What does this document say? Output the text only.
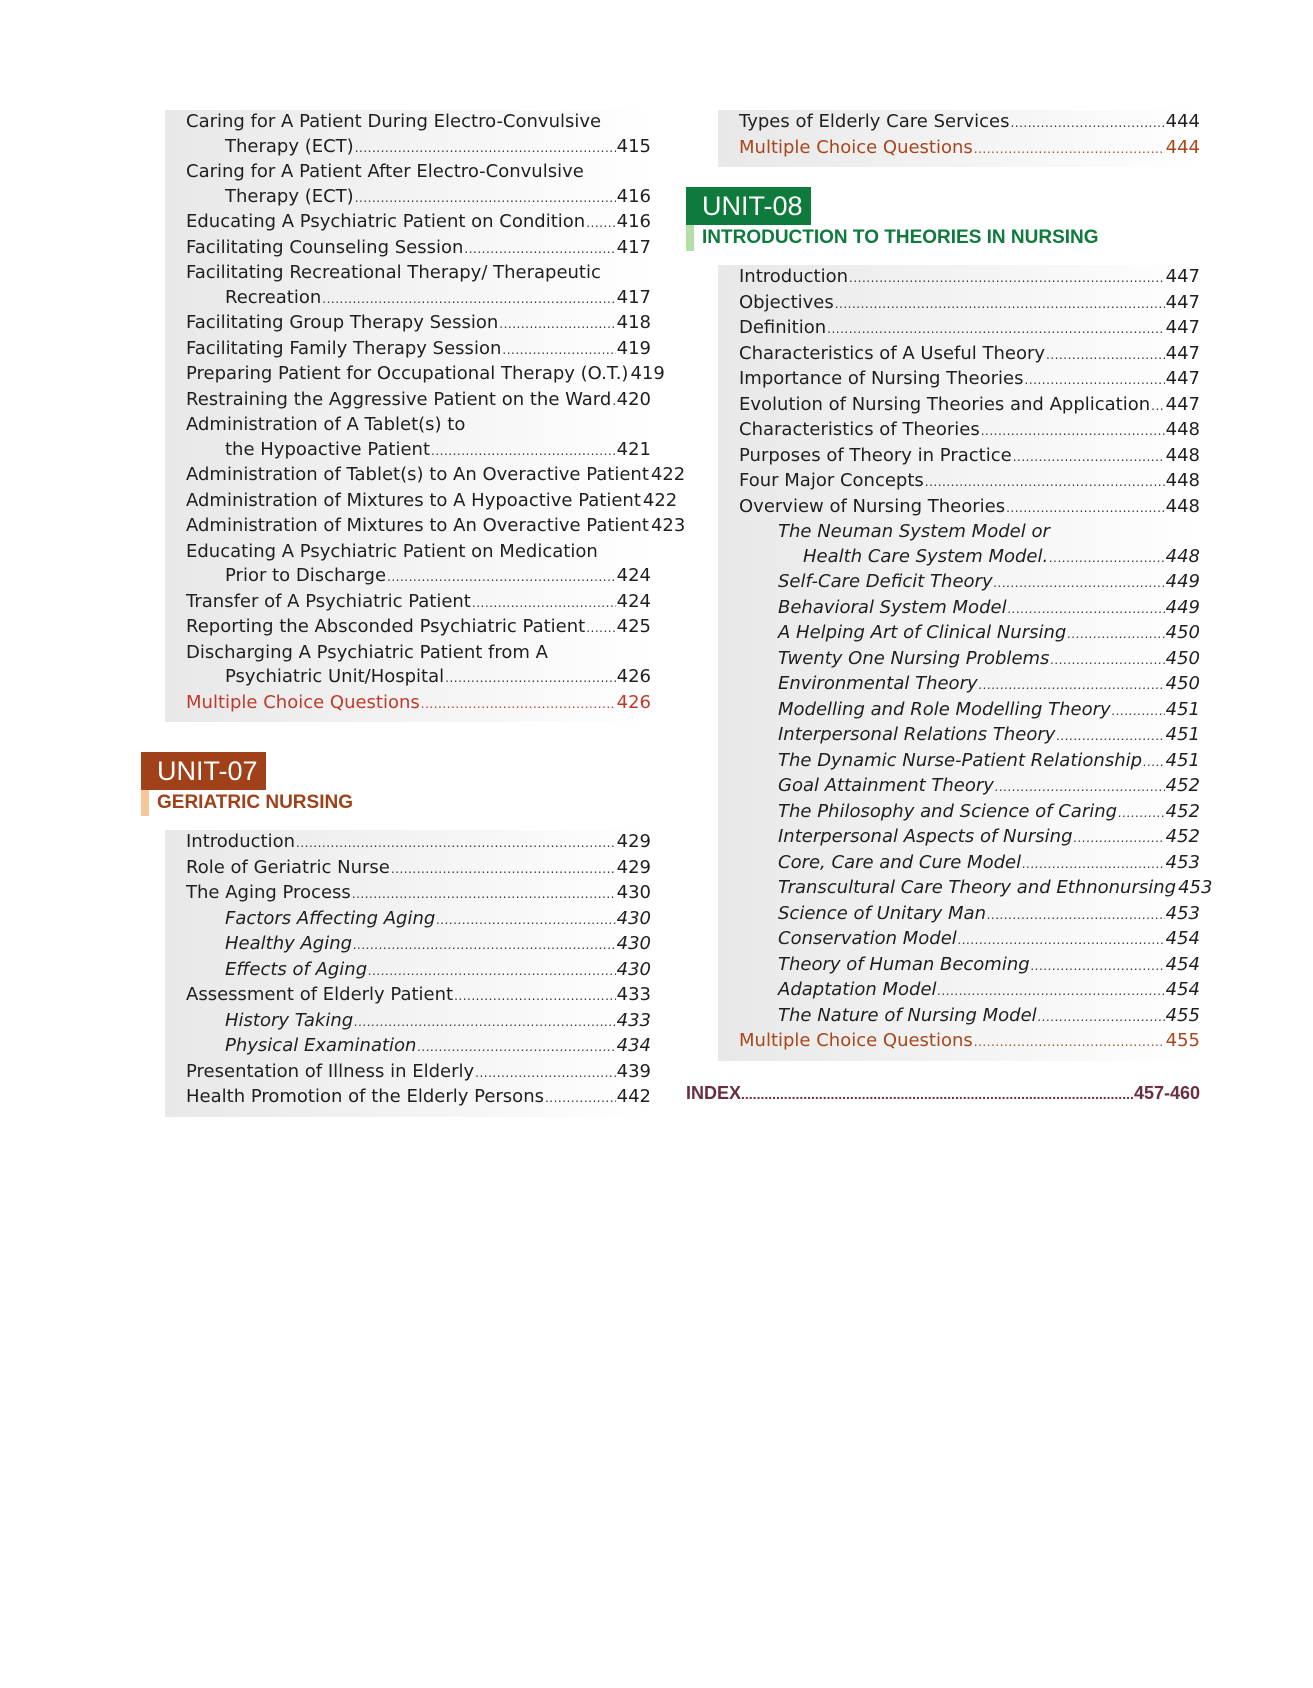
Caring for A Patient During Electro-Convulsive
Therapy (ECT) .....	415
Caring for A Patient After Electro-Convulsive
Therapy (ECT) .....	416
Educating A Psychiatric Patient on Condition ..... 416
Facilitating Counseling Session .....	417
Facilitating Recreational Therapy/ Therapeutic
Recreation .....	417
Facilitating Group Therapy Session .....	418
Facilitating Family Therapy Session .....	419
Preparing Patient for Occupational Therapy (O.T.) 419
Restraining the Aggressive Patient on the Ward ..... 420
Administration of A Tablet(s) to
the Hypoactive Patient .....	421
Administration of Tablet(s) to An Overactive Patient 422
Administration of Mixtures to A Hypoactive Patient 422
Administration of Mixtures to An Overactive Patient 423
Educating A Psychiatric Patient on Medication
Prior to Discharge .....	424
Transfer of A Psychiatric Patient .....	424
Reporting the Absconded Psychiatric Patient ..... 425
Discharging A Psychiatric Patient from A
Psychiatric Unit/Hospital .....	426
Multiple Choice Questions .....	426
UNIT-07
GERIATRIC NURSING
Introduction .....	429
Role of Geriatric Nurse .....	429
The Aging Process .....	430
Factors Affecting Aging .....	430
Healthy Aging .....	430
Effects of Aging .....	430
Assessment of Elderly Patient .....	433
History Taking .....	433
Physical Examination .....	434
Presentation of Illness in Elderly .....	439
Health Promotion of the Elderly Persons .....	442
Types of Elderly Care Services .....	444
Multiple Choice Questions .....	444
UNIT-08
INTRODUCTION TO THEORIES IN NURSING
Introduction .....	447
Objectives .....	447
Definition .....	447
Characteristics of A Useful Theory .....	447
Importance of Nursing Theories .....	447
Evolution of Nursing Theories and Application ..... 447
Characteristics of Theories .....	448
Purposes of Theory in Practice .....	448
Four Major Concepts .....	448
Overview of Nursing Theories .....	448
The Neuman System Model or
Health Care System Model. .....	448
Self-Care Deficit Theory .....	449
Behavioral System Model .....	449
A Helping Art of Clinical Nursing .....	450
Twenty One Nursing Problems .....	450
Environmental Theory .....	450
Modelling and Role Modelling Theory .....	451
Interpersonal Relations Theory .....	451
The Dynamic Nurse-Patient Relationship ..... 451
Goal Attainment Theory .....	452
The Philosophy and Science of Caring .....	452
Interpersonal Aspects of Nursing .....	452
Core, Care and Cure Model .....	453
Transcultural Care Theory and Ethnonursing 453
Science of Unitary Man .....	453
Conservation Model .....	454
Theory of Human Becoming .....	454
Adaptation Model .....	454
The Nature of Nursing Model .....	455
Multiple Choice Questions .....	455
INDEX .....	457-460
